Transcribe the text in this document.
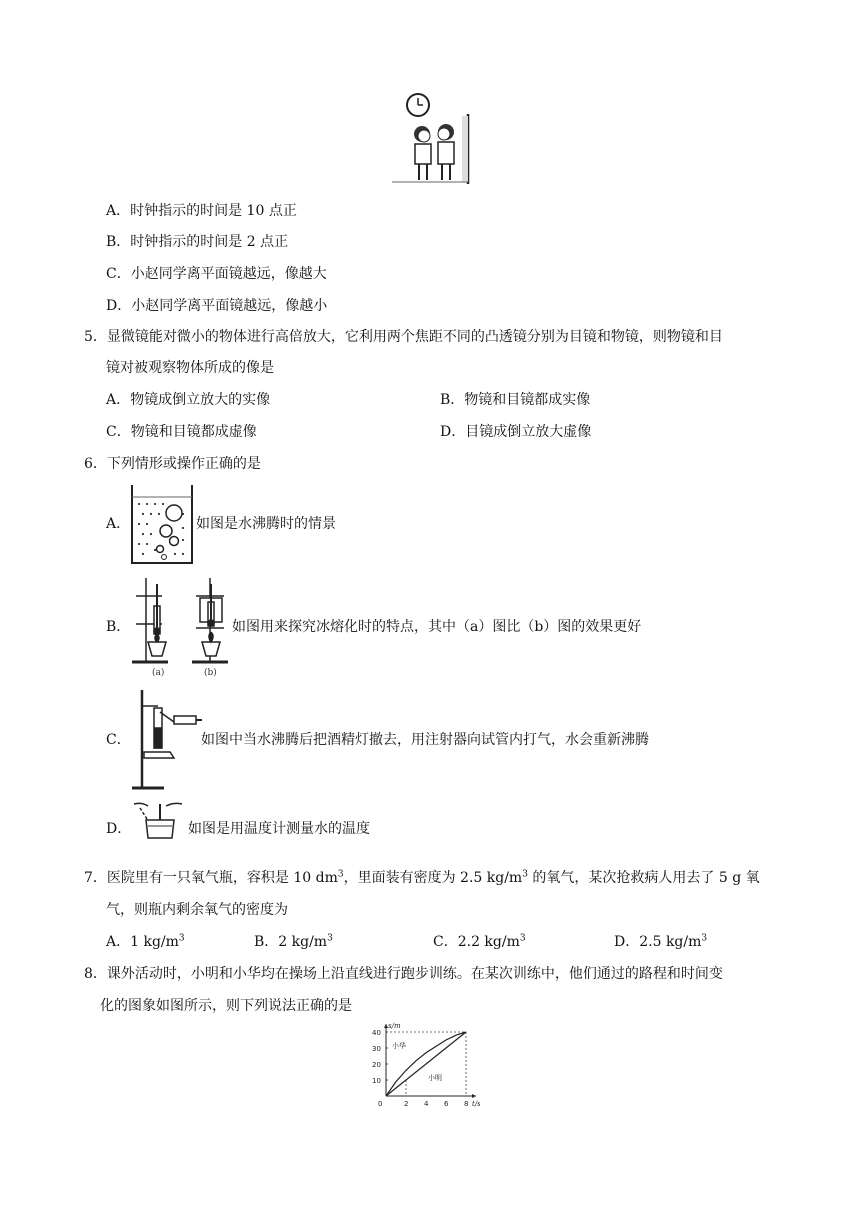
A．时钟指示的时间是 10 点正
B．时钟指示的时间是 2 点正
C．小赵同学离平面镜越远，像越大
D．小赵同学离平面镜越远，像越小
5．显微镜能对微小的物体进行高倍放大，它利用两个焦距不同的凸透镜分别为目镜和物镜，则物镜和目
镜对被观察物体所成的像是
A．物镜成倒立放大的实像	B．物镜和目镜都成实像
C．物镜和目镜都成虚像	D．目镜成倒立放大虚像
6．下列情形或操作正确的是
A．	如图是水沸腾时的情景
B．
(a)	(b)
如图用来探究冰熔化时的特点，其中（a）图比（b）图的效果更好
C．	如图中当水沸腾后把酒精灯撤去，用注射器向试管内打气，水会重新沸腾
D．	如图是用温度计测量水的温度
7．医院里有一只氧气瓶，容积是 10 $dm^3$，里面装有密度为 2.5 $kg/m^3$ 的氧气，某次抢救病人用去了 5 g 氧
气，则瓶内剩余氧气的密度为
A．1 $kg/m^3$	B．2 $kg/m^3$	C．2.2 $kg/m^3$	D．2.5 $kg/m^3$
8．课外活动时，小明和小华均在操场上沿直线进行跑步训练。在某次训练中，他们通过的路程和时间变
化的图象如图所示，则下列说法正确的是
0	2 4 6 8
10
20
30
40
t/s
s/m
小华
小明
